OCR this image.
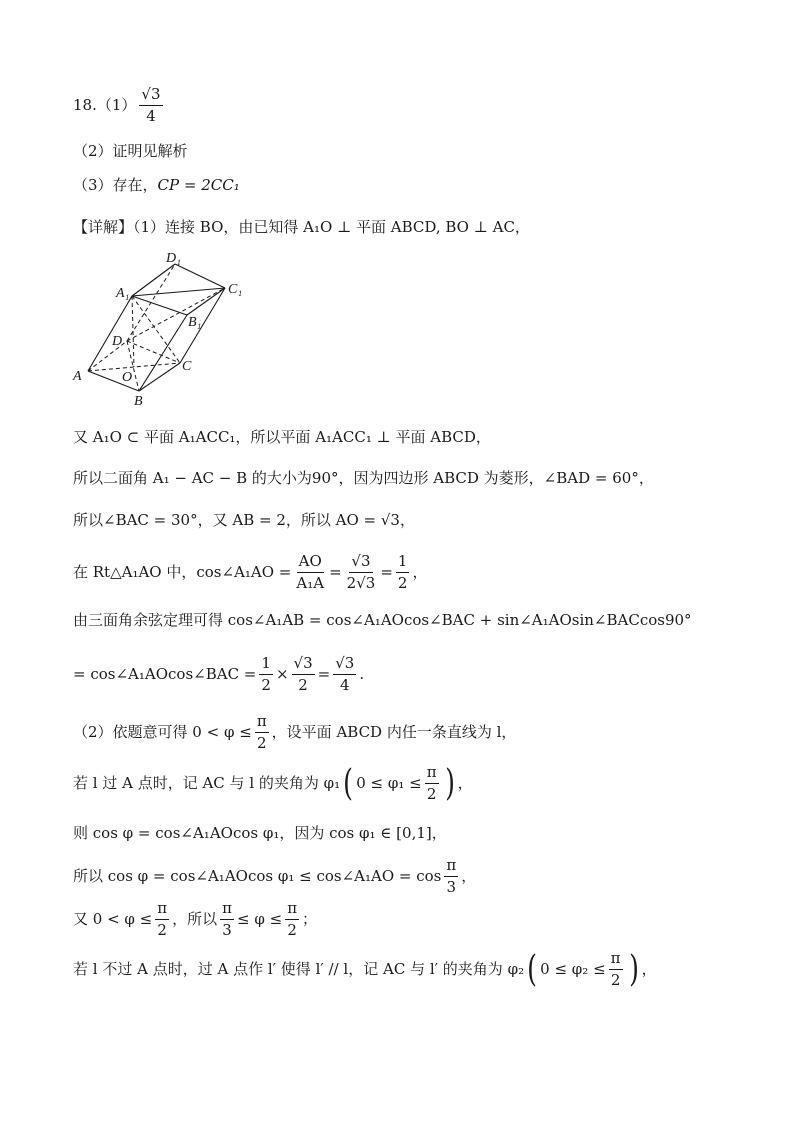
18. $(1) \frac{√3}{4}$
（2）证明见解析
（3）存在， CP = 2CC₁
【详解】（1）连接 BO，由已知得 A₁O ⊥ 平面 ABCD, BO ⊥ AC，
A₁
D₁
C₁
B₁
D
A	O
C
B
又 A₁O ⊂ 平面 A₁ACC₁，所以平面 A₁ACC₁ ⊥ 平面 ABCD，
所以二面角 A₁ − AC − B 的大小为90°，因为四边形 ABCD 为菱形，∠BAD = 60°，
所以∠BAC = 30°，又 AB = 2，所以 AO = √3，
在 Rt△A₁AO 中，cos∠A₁AO = $\frac{AO}{\text{A₁A}} = \frac{√3}{2√3} = \frac{1}{2}$ ，
由三面角余弦定理可得 cos∠A₁AB = cos∠A₁AOcos∠BAC + sin∠A₁AOsin∠BACcos90°
= cos∠A₁AOcos∠BAC = $\frac{1}{2} \times \frac{√3}{2} = \frac{√3}{4}$ .
（2）依题意可得 $0 < \varphi \le \frac{\pi}{2}$ ，设平面 ABCD 内任一条直线为 l，
若 l 过 A 点时，记 AC 与 l 的夹角为 φ₁ ( $0 \le \varphi_1 \le \frac{\pi}{2}$ ) ，
则 cos φ = cos∠A₁AOcos φ₁，因为 cos φ₁ ∈ [0,1]，
所以 cos φ = cos∠A₁AOcos φ₁ ≤ cos∠A₁AO = $\cos \frac{\pi}{3}$ ，
又 $0 < \varphi \le \frac{\pi}{2}$ ，所以 $\frac{\pi}{3} \le \varphi \le \frac{\pi}{2}$ ；
若 l 不过 A 点时，过 A 点作 l′ 使得 l′ // l，记 AC 与 l′ 的夹角为 φ₂ ( $0 \le \varphi_2 \le \frac{\pi}{2}$ ) ，
